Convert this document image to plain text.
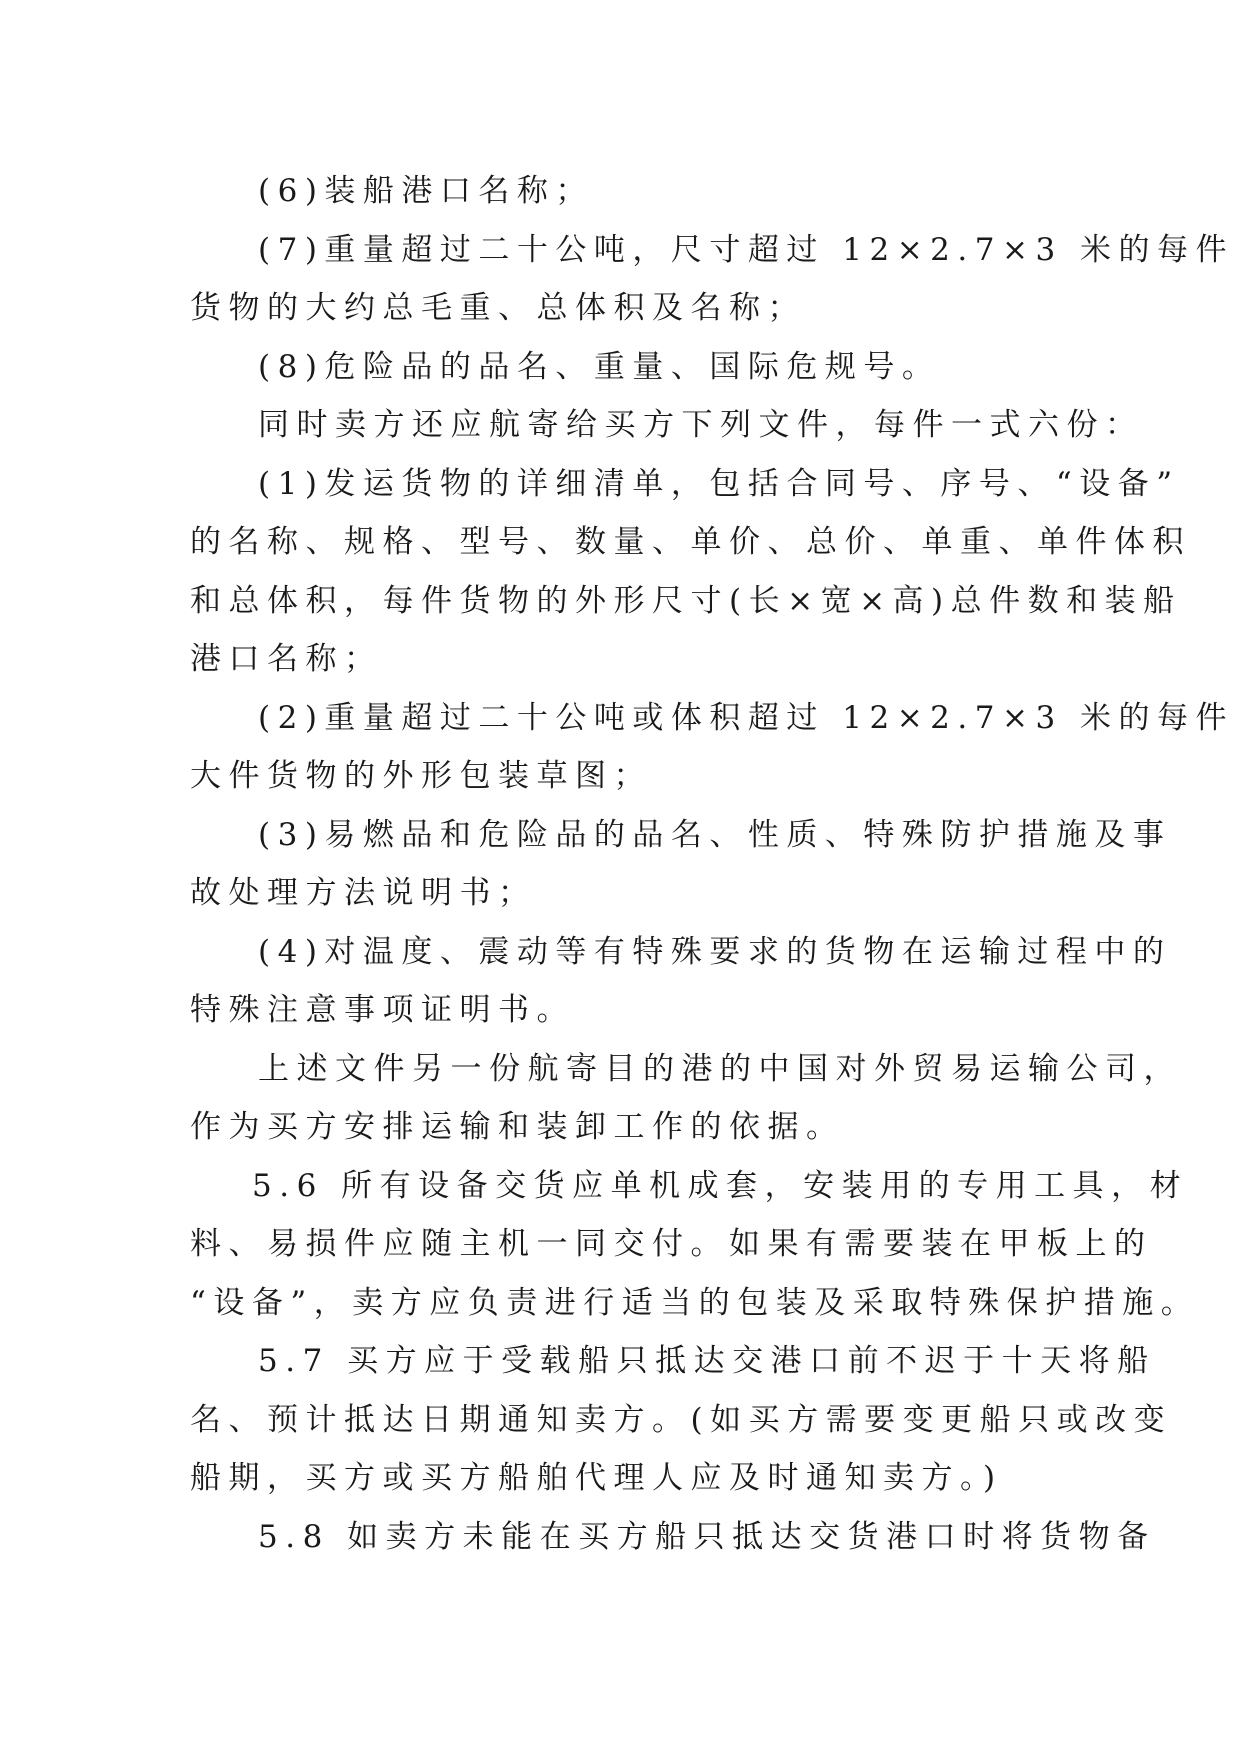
(6)装船港口名称；
(7)重量超过二十公吨，尺寸超过 12×2.7×3 米的每件
货物的大约总毛重、总体积及名称；
(8)危险品的品名、重量、国际危规号。
同时卖方还应航寄给买方下列文件，每件一式六份：
(1)发运货物的详细清单，包括合同号、序号、“设备”
的名称、规格、型号、数量、单价、总价、单重、单件体积
和总体积，每件货物的外形尺寸(长×宽×高)总件数和装船
港口名称；
(2)重量超过二十公吨或体积超过 12×2.7×3 米的每件
大件货物的外形包装草图；
(3)易燃品和危险品的品名、性质、特殊防护措施及事
故处理方法说明书；
(4)对温度、震动等有特殊要求的货物在运输过程中的
特殊注意事项证明书。
上述文件另一份航寄目的港的中国对外贸易运输公司，
作为买方安排运输和装卸工作的依据。
5.6 所有设备交货应单机成套，安装用的专用工具，材
料、易损件应随主机一同交付。如果有需要装在甲板上的
“设备”，卖方应负责进行适当的包装及采取特殊保护措施。
5.7 买方应于受载船只抵达交港口前不迟于十天将船
名、预计抵达日期通知卖方。(如买方需要变更船只或改变
船期，买方或买方船舶代理人应及时通知卖方。)
5.8 如卖方未能在买方船只抵达交货港口时将货物备
